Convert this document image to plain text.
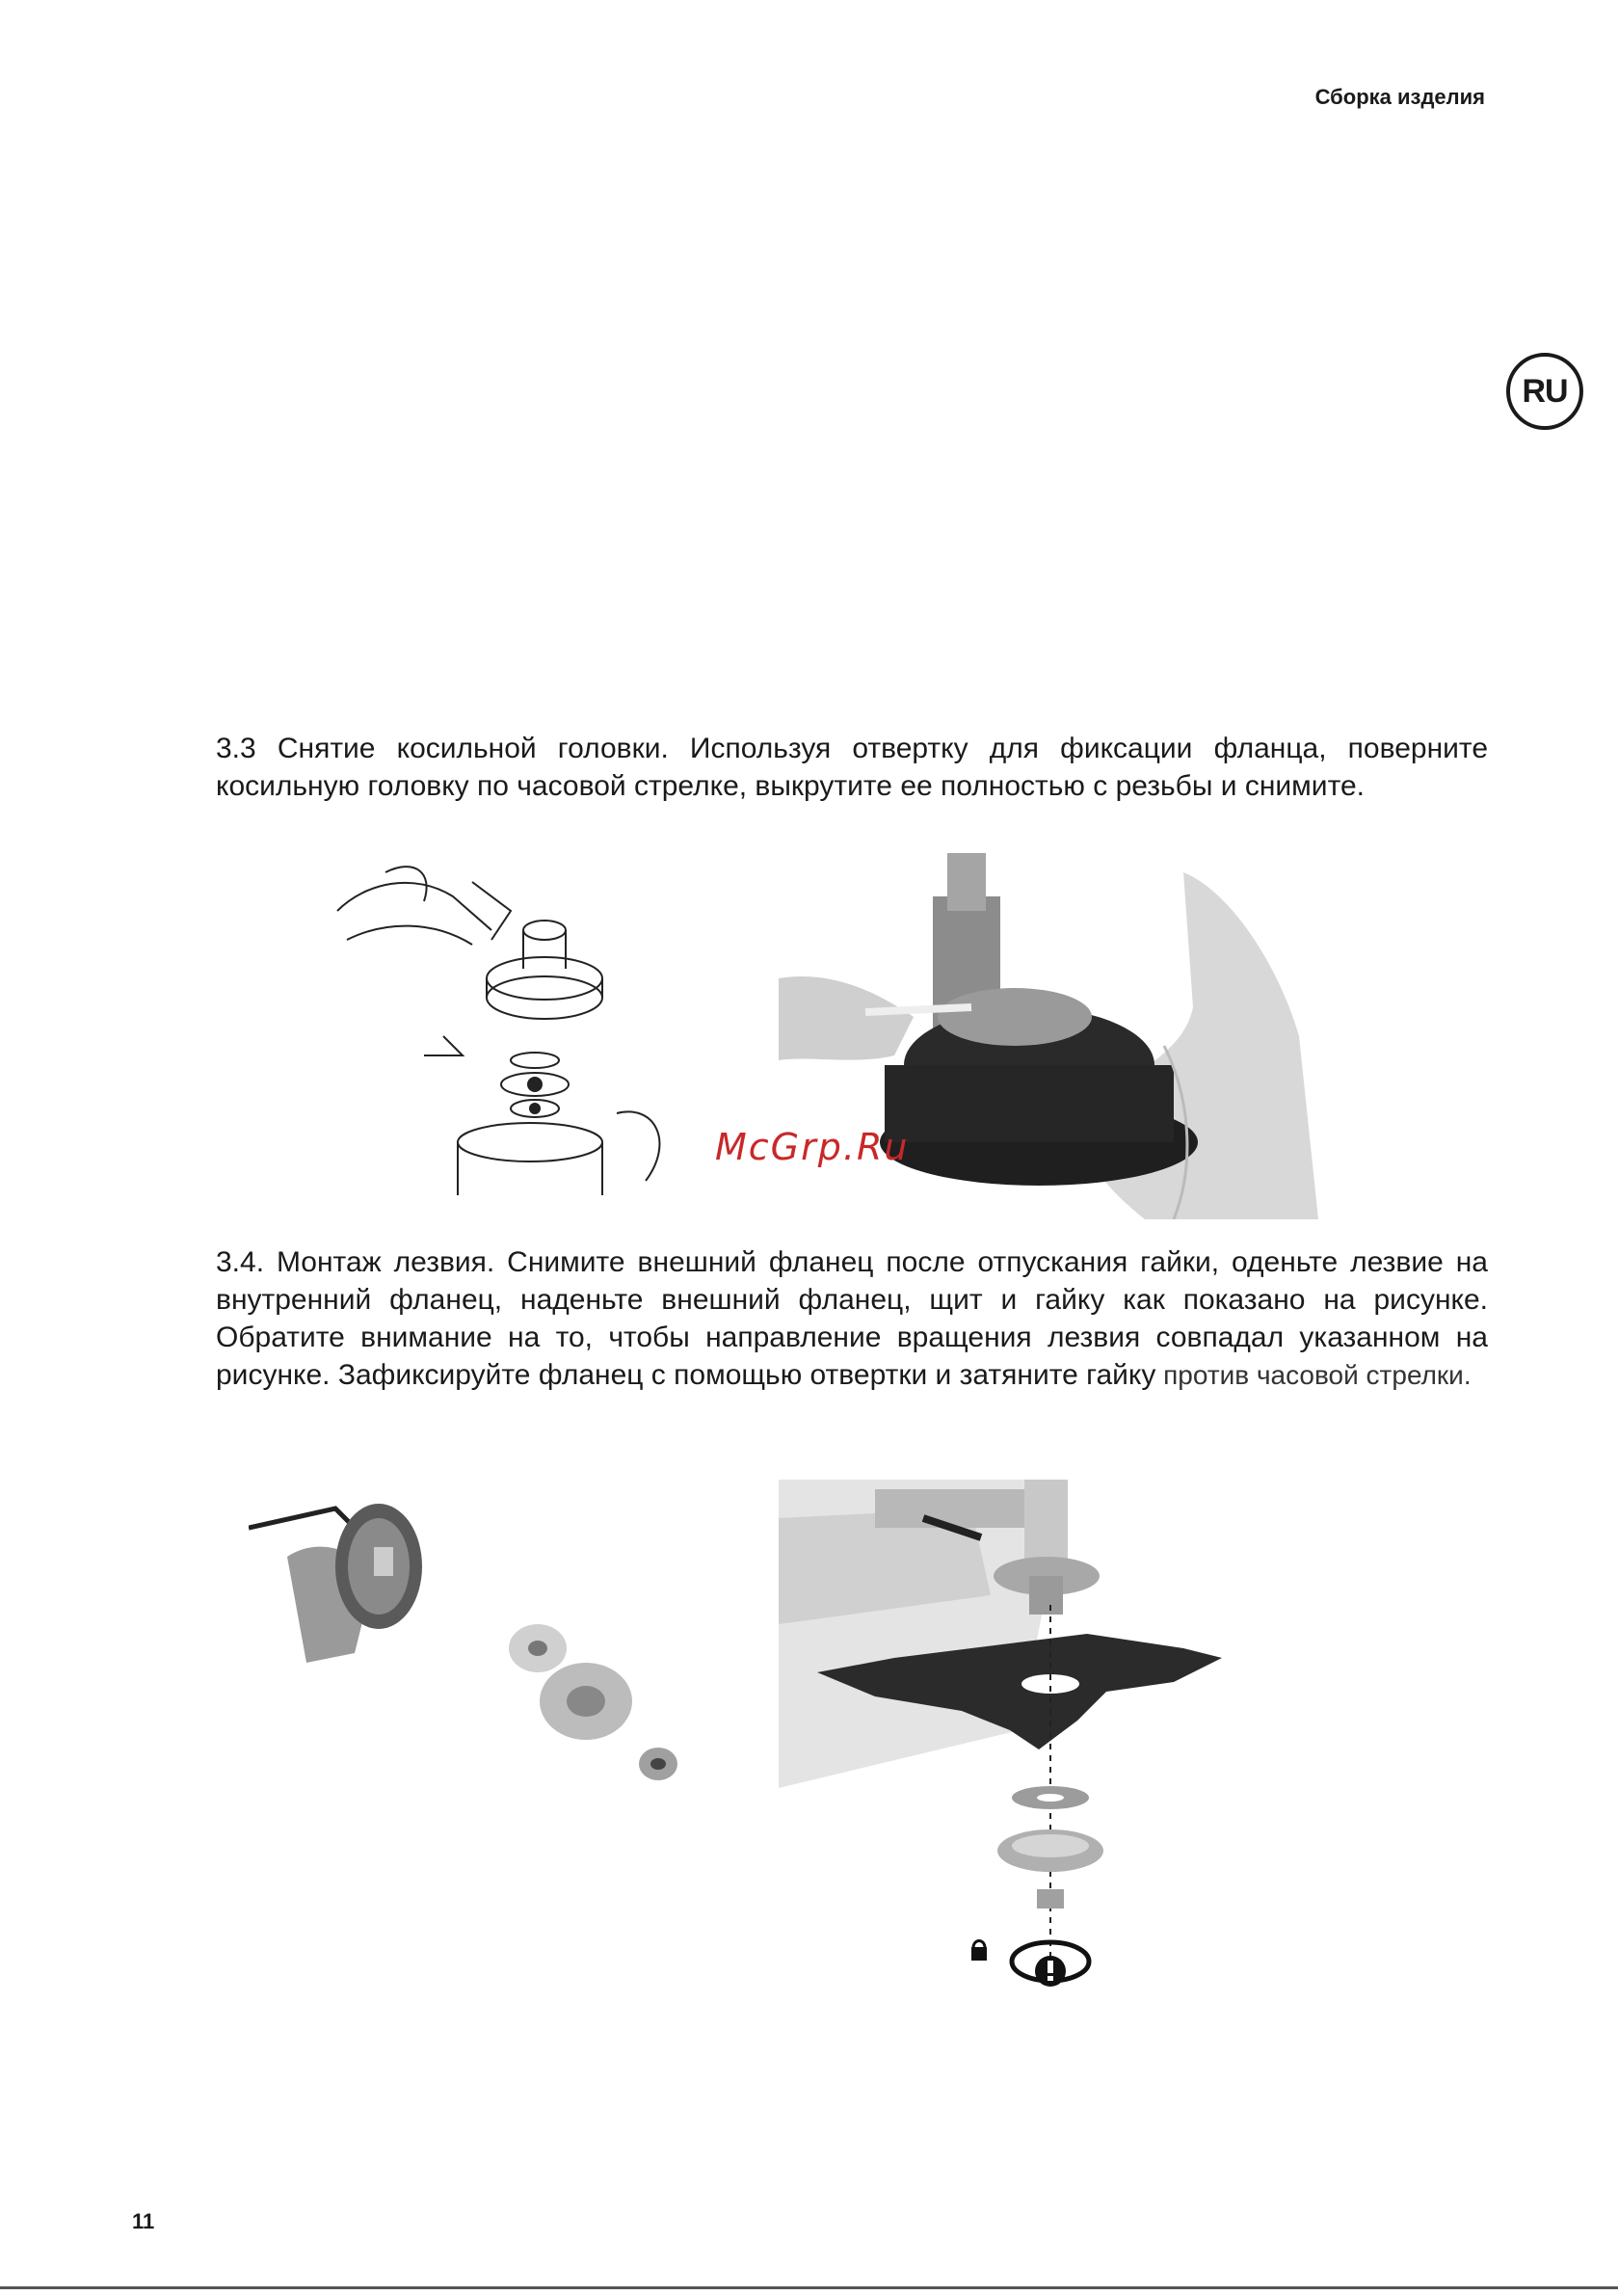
Сборка изделия
RU

3.3 Снятие косильной головки. Используя отвертку для фиксации фланца, поверните косильную головку по часовой стрелке, выкрутите ее полностью с резьбы и снимите.

McGrp.Ru

3.4. Монтаж лезвия. Снимите внешний фланец после отпускания гайки, оденьте лезвие на внутренний фланец, наденьте внешний фланец, щит и гайку как показано на рисунке. Обратите внимание на то, чтобы направление вращения лезвия совпадал указанном на рисунке. Зафиксируйте фланец с помощью отвертки и затяните гайку против часовой стрелки.

11
